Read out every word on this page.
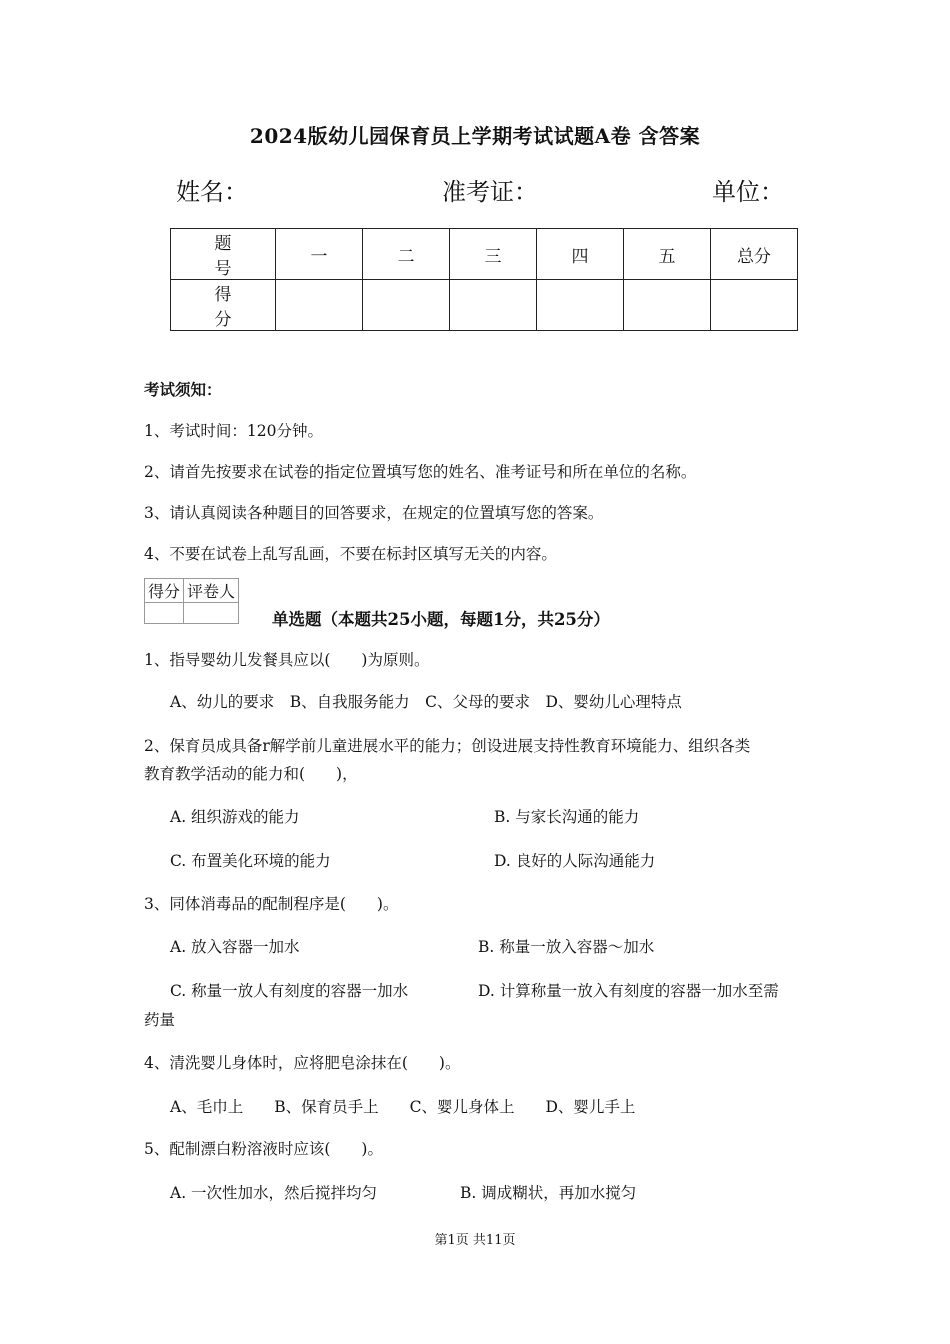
2024版幼儿园保育员上学期考试试题A卷 含答案
姓名：	准考证：	单位：
题　号	一	二	三	四	五	总分
得　分						
考试须知：
1、考试时间：120分钟。
2、请首先按要求在试卷的指定位置填写您的姓名、准考证号和所在单位的名称。
3、请认真阅读各种题目的回答要求，在规定的位置填写您的答案。
4、不要在试卷上乱写乱画，不要在标封区填写无关的内容。
得分	评卷人

单选题（本题共25小题，每题1分，共25分）
1、指导婴幼儿发餐具应以(　　)为原则。
A、幼儿的要求　B、自我服务能力　C、父母的要求　D、婴幼儿心理特点
2、保育员成具备r解学前儿童进展水平的能力；创设进展支持性教育环境能力、组织各类
教育教学活动的能力和(　　)，
A. 组织游戏的能力	B. 与家长沟通的能力
C. 布置美化环境的能力	D. 良好的人际沟通能力
3、同体消毒品的配制程序是(　　)。
A. 放入容器一加水	B. 称量一放入容器～加水
C. 称量一放人有刻度的容器一加水	D. 计算称量一放入有刻度的容器一加水至需
药量
4、清洗婴儿身体时，应将肥皂涂抹在(　　)。
A、毛巾上　　B、保育员手上　　C、婴儿身体上　　D、婴儿手上
5、配制漂白粉溶液时应该(　　)。
A. 一次性加水，然后搅拌均匀	B. 调成糊状，再加水搅匀
第1页 共11页
